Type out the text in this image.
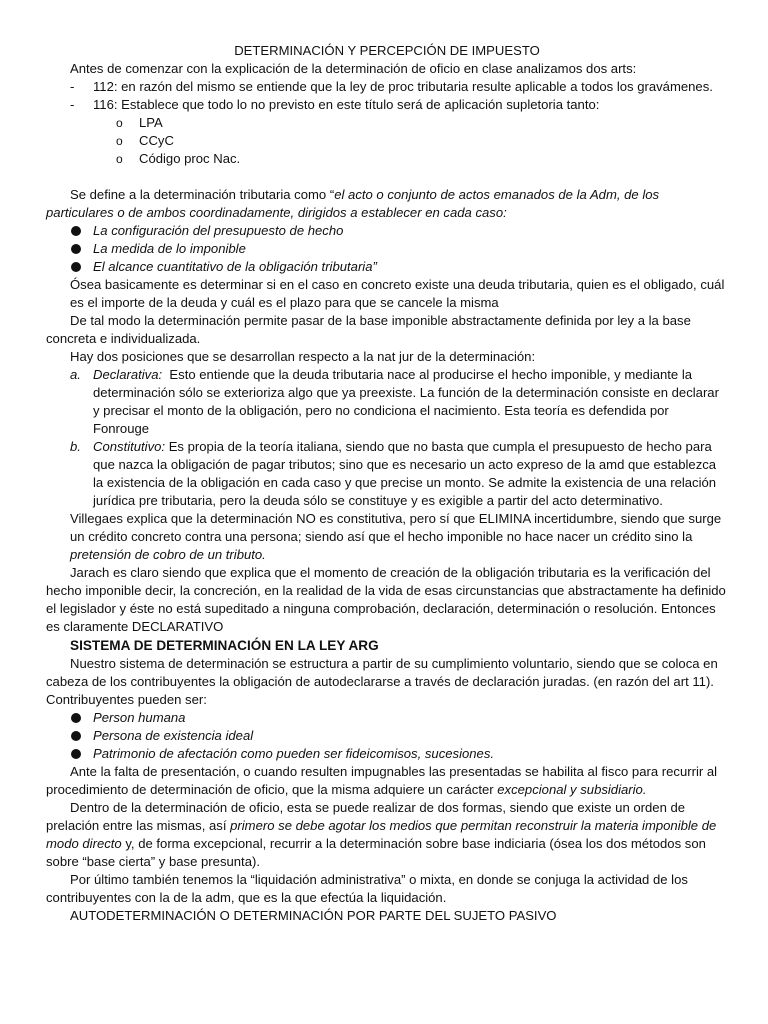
DETERMINACIÓN Y PERCEPCIÓN DE IMPUESTO

Antes de comenzar con la explicación de la determinación de oficio en clase analizamos dos arts:

- 112: en razón del mismo se entiende que la ley de proc tributaria resulte aplicable a todos los gravámenes.
- 116: Establece que todo lo no previsto en este título será de aplicación supletoria tanto:
o LPA
o CCyC
o Código proc Nac.

Se define a la determinación tributaria como “el acto o conjunto de actos emanados de la Adm, de los particulares o de ambos coordinadamente, dirigidos a establecer en cada caso:

La configuración del presupuesto de hecho
La medida de lo imponible
El alcance cuantitativo de la obligación tributaria”

Ósea basicamente es determinar si en el caso en concreto existe una deuda tributaria, quien es el obligado, cuál es el importe de la deuda y cuál es el plazo para que se cancele la misma

De tal modo la determinación permite pasar de la base imponible abstractamente definida por ley a la base concreta e individualizada.

Hay dos posiciones que se desarrollan respecto a la nat jur de la determinación:

a. Declarativa:  Esto entiende que la deuda tributaria nace al producirse el hecho imponible, y mediante la determinación sólo se exterioriza algo que ya preexiste. La función de la determinación consiste en declarar y precisar el monto de la obligación, pero no condiciona el nacimiento. Esta teoría es defendida por Fonrouge
b. Constitutivo: Es propia de la teoría italiana, siendo que no basta que cumpla el presupuesto de hecho para que nazca la obligación de pagar tributos; sino que es necesario un acto expreso de la amd que establezca la existencia de la obligación en cada caso y que precise un monto. Se admite la existencia de una relación jurídica pre tributaria, pero la deuda sólo se constituye y es exigible a partir del acto determinativo.

Villegaes explica que la determinación NO es constitutiva, pero sí que ELIMINA incertidumbre, siendo que surge un crédito concreto contra una persona; siendo así que el hecho imponible no hace nacer un crédito sino la pretensión de cobro de un tributo.

Jarach es claro siendo que explica que el momento de creación de la obligación tributaria es la verificación del hecho imponible decir, la concreción, en la realidad de la vida de esas circunstancias que abstractamente ha definido el legislador y éste no está supeditado a ninguna comprobación, declaración, determinación o resolución. Entonces es claramente DECLARATIVO

SISTEMA DE DETERMINACIÓN EN LA LEY ARG

Nuestro sistema de determinación se estructura a partir de su cumplimiento voluntario, siendo que se coloca en cabeza de los contribuyentes la obligación de autodeclararse a través de declaración juradas. (en razón del art 11). Contribuyentes pueden ser:

Person humana
Persona de existencia ideal
Patrimonio de afectación como pueden ser fideicomisos, sucesiones.

Ante la falta de presentación, o cuando resulten impugnables las presentadas se habilita al fisco para recurrir al procedimiento de determinación de oficio, que la misma adquiere un carácter excepcional y subsidiario.

Dentro de la determinación de oficio, esta se puede realizar de dos formas, siendo que existe un orden de prelación entre las mismas, así primero se debe agotar los medios que permitan reconstruir la materia imponible de modo directo y, de forma excepcional, recurrir a la determinación sobre base indiciaria (ósea los dos métodos son sobre “base cierta” y base presunta).

Por último también tenemos la “liquidación administrativa” o mixta, en donde se conjuga la actividad de los contribuyentes con la de la adm, que es la que efectúa la liquidación.

AUTODETERMINACIÓN O DETERMINACIÓN POR PARTE DEL SUJETO PASIVO
